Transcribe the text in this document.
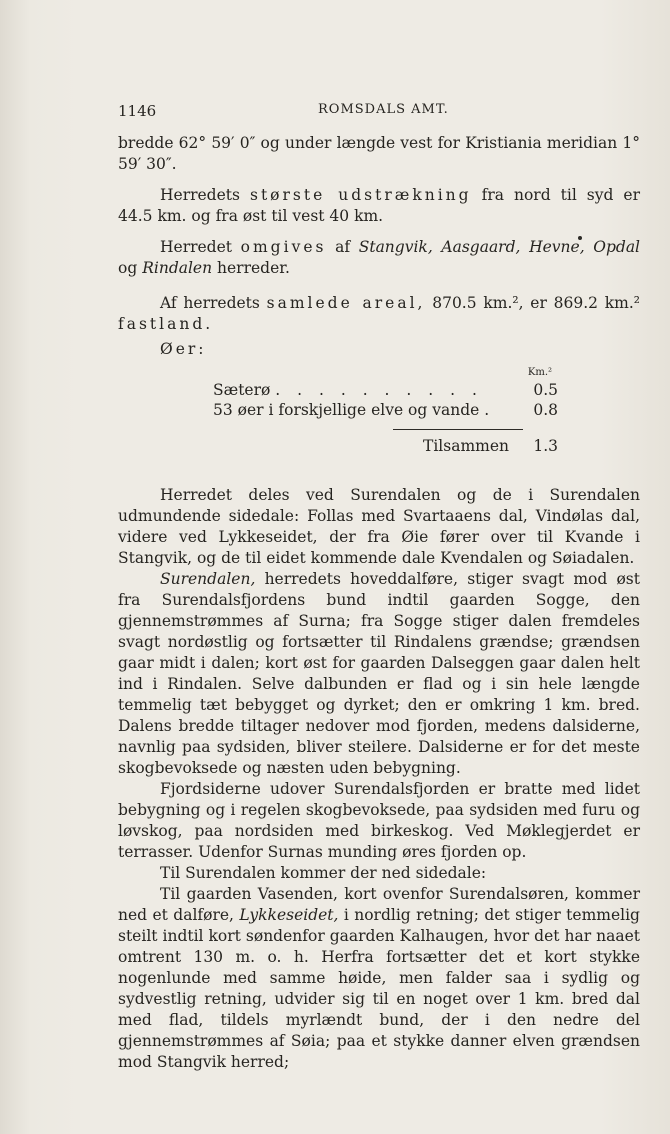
1146	ROMSDALS AMT.

bredde 62° 59′ 0″ og under længde vest for Kristiania meridian 1° 59′ 30″.

Herredets største udstrækning fra nord til syd er 44.5 km. og fra øst til vest 40 km.

Herredet omgives af Stangvik, Aasgaard, Hevne, Opdal og Rindalen herreder.

Af herredets samlede areal, 870.5 km.², er 869.2 km.² fastland.

Øer:

Km.²
Sæterø . . . . . . . . . .	0.5
53 øer i forskjellige elve og vande .	0.8
Tilsammen	1.3

Herredet deles ved Surendalen og de i Surendalen udmundende sidedale: Follas med Svartaaens dal, Vindølas dal, videre ved Lykkeseidet, der fra Øie fører over til Kvande i Stangvik, og de til eidet kommende dale Kvendalen og Søiadalen.

Surendalen, herredets hoveddalføre, stiger svagt mod øst fra Surendalsfjordens bund indtil gaarden Sogge, den gjennemstrømmes af Surna; fra Sogge stiger dalen fremdeles svagt nordøstlig og fortsætter til Rindalens grændse; grændsen gaar midt i dalen; kort øst for gaarden Dalseggen gaar dalen helt ind i Rindalen. Selve dalbunden er flad og i sin hele længde temmelig tæt bebygget og dyrket; den er omkring 1 km. bred. Dalens bredde tiltager nedover mod fjorden, medens dalsiderne, navnlig paa sydsiden, bliver steilere. Dalsiderne er for det meste skogbevoksede og næsten uden bebygning.

Fjordsiderne udover Surendalsfjorden er bratte med lidet bebygning og i regelen skogbevoksede, paa sydsiden med furu og løvskog, paa nordsiden med birkeskog. Ved Møklegjerdet er terrasser. Udenfor Surnas munding øres fjorden op.

Til Surendalen kommer der ned sidedale:

Til gaarden Vasenden, kort ovenfor Surendalsøren, kommer ned et dalføre, Lykkeseidet, i nordlig retning; det stiger temmelig steilt indtil kort søndenfor gaarden Kalhaugen, hvor det har naaet omtrent 130 m. o. h. Herfra fortsætter det et kort stykke nogenlunde med samme høide, men falder saa i sydlig og sydvestlig retning, udvider sig til en noget over 1 km. bred dal med flad, tildels myrlændt bund, der i den nedre del gjennemstrømmes af Søia; paa et stykke danner elven grændsen mod Stangvik herred;
